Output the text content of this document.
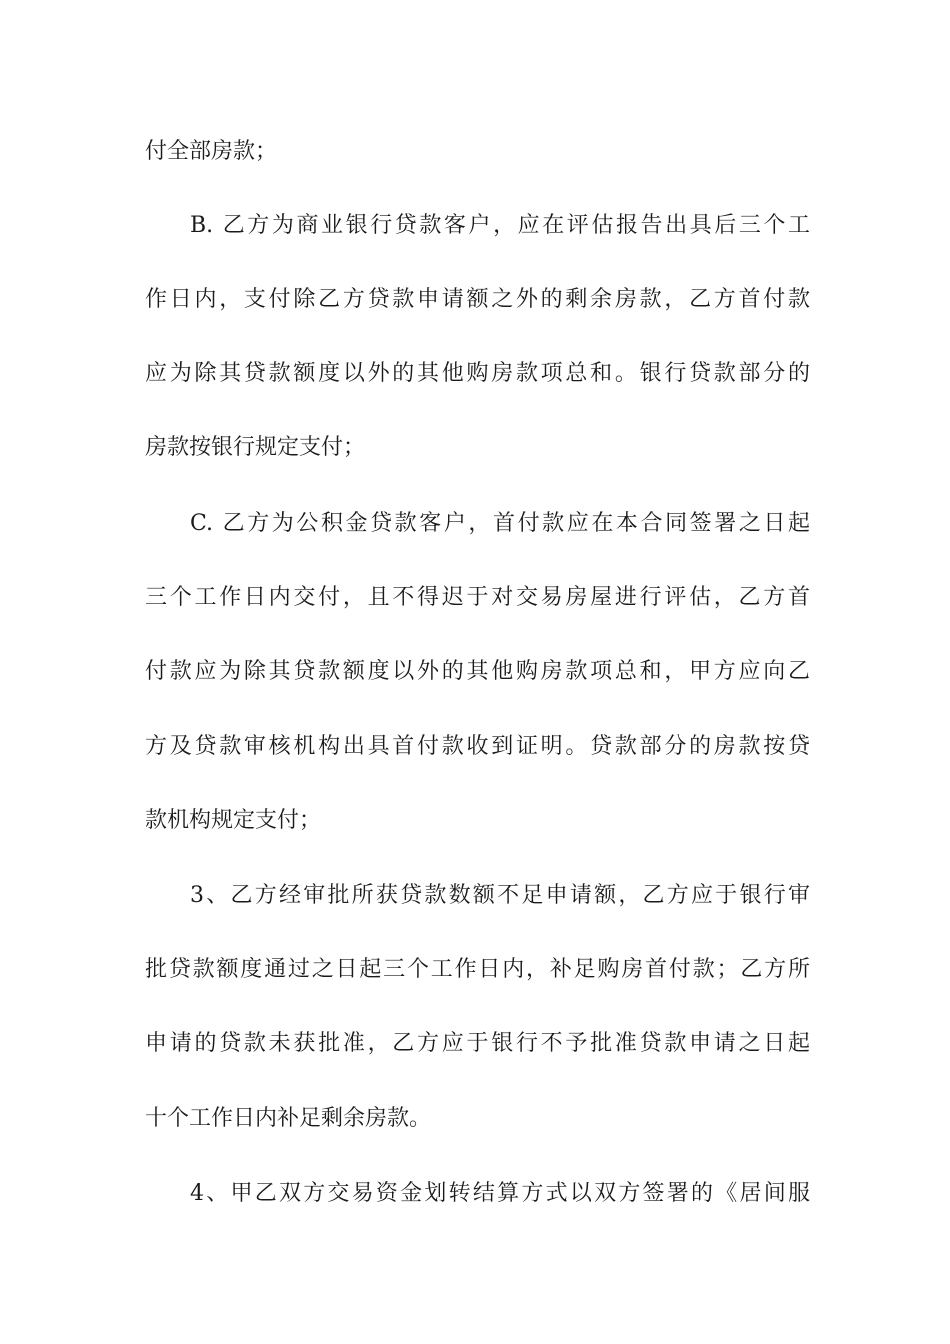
付全部房款；
B. 乙方为商业银行贷款客户，应在评估报告出具后三个工
作日内，支付除乙方贷款申请额之外的剩余房款，乙方首付款
应为除其贷款额度以外的其他购房款项总和。银行贷款部分的
房款按银行规定支付；
C. 乙方为公积金贷款客户，首付款应在本合同签署之日起
三个工作日内交付，且不得迟于对交易房屋进行评估，乙方首
付款应为除其贷款额度以外的其他购房款项总和，甲方应向乙
方及贷款审核机构出具首付款收到证明。贷款部分的房款按贷
款机构规定支付；
3、乙方经审批所获贷款数额不足申请额，乙方应于银行审
批贷款额度通过之日起三个工作日内，补足购房首付款；乙方所
申请的贷款未获批准，乙方应于银行不予批准贷款申请之日起
十个工作日内补足剩余房款。
4、甲乙双方交易资金划转结算方式以双方签署的《居间服
